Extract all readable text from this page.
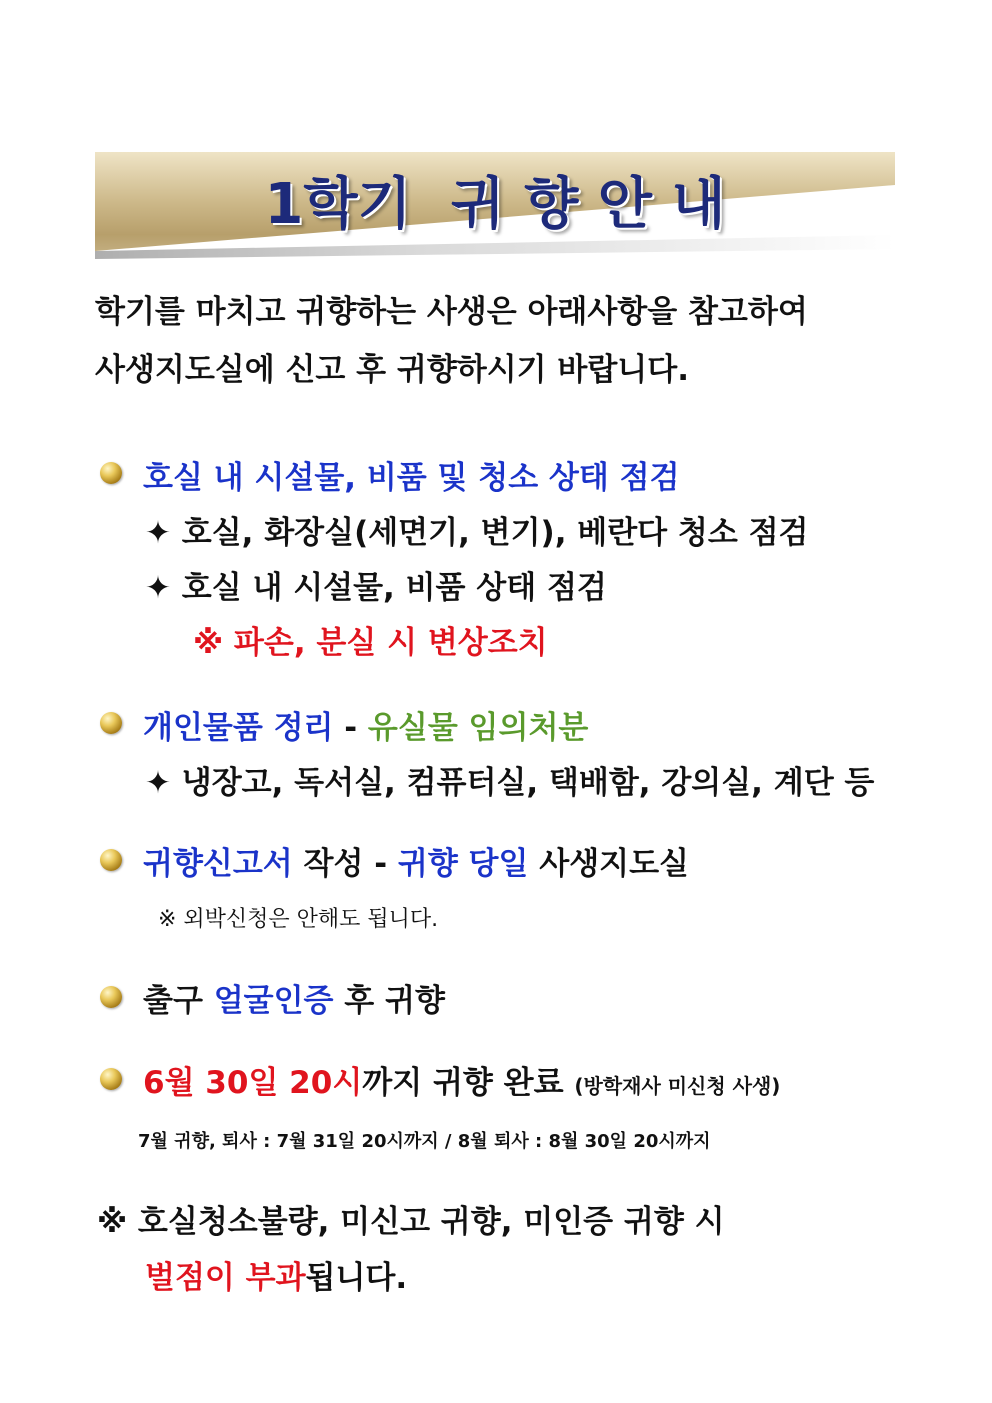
1학기  귀 향 안 내
학기를 마치고 귀향하는 사생은 아래사항을 참고하여
사생지도실에 신고 후 귀향하시기 바랍니다.
호실 내 시설물, 비품 및 청소 상태 점검
✦ 호실, 화장실(세면기, 변기), 베란다 청소 점검
✦ 호실 내 시설물, 비품 상태 점검
※ 파손, 분실 시 변상조치
개인물품 정리 - 유실물 임의처분
✦ 냉장고, 독서실, 컴퓨터실, 택배함, 강의실, 계단 등
귀향신고서 작성 - 귀향 당일 사생지도실
※ 외박신청은 안해도 됩니다.
출구 얼굴인증 후 귀향
6월 30일 20시까지 귀향 완료 (방학재사 미신청 사생)
7월 귀향, 퇴사 : 7월 31일 20시까지 / 8월 퇴사 : 8월 30일 20시까지
※ 호실청소불량, 미신고 귀향, 미인증 귀향 시
벌점이 부과됩니다.
